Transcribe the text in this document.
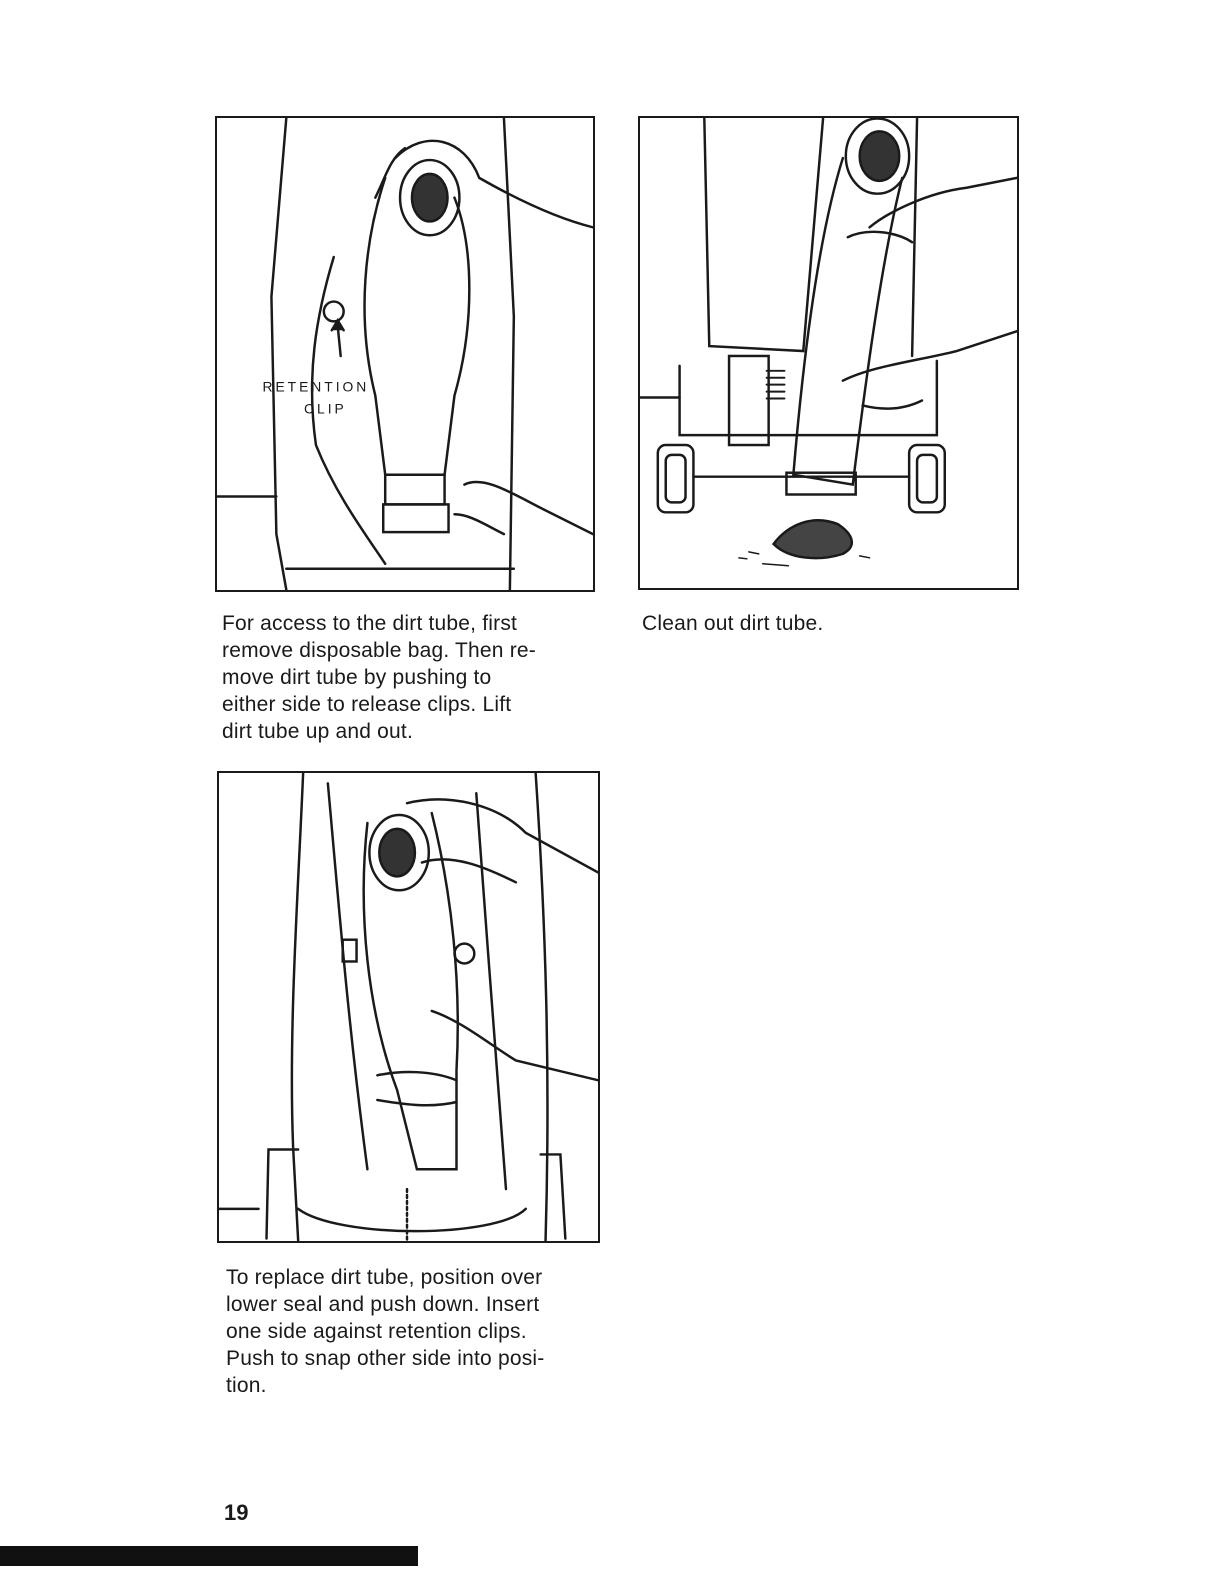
RETENTION
CLIP
For access to the dirt tube, first
remove disposable bag. Then re-
move dirt tube by pushing to
either side to release clips. Lift
dirt tube up and out.
Clean out dirt tube.
To replace dirt tube, position over
lower seal and push down. Insert
one side against retention clips.
Push to snap other side into posi-
tion.
19
